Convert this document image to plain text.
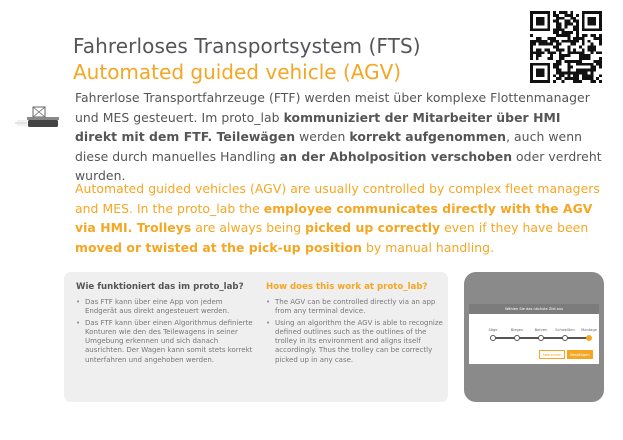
Fahrerloses Transportsystem (FTS)
Automated guided vehicle (AGV)

Fahrerlose Transportfahrzeuge (FTF) werden meist über komplexe Flottenmanager und MES gesteuert. Im proto_lab kommuniziert der Mitarbeiter über HMI direkt mit dem FTF. Teilewägen werden korrekt aufgenommen, auch wenn diese durch manuelles Handling an der Abholposition verschoben oder verdreht wurden.

Automated guided vehicles (AGV) are usually controlled by complex fleet managers and MES. In the proto_lab the employee communicates directly with the AGV via HMI. Trolleys are always being picked up correctly even if they have been moved or twisted at the pick-up position by manual handling.

Wie funktioniert das im proto_lab?
• Das FTF kann über eine App von jedem Endgerät aus direkt angesteuert werden.
• Das FTF kann über einen Algorithmus definierte Konturen wie den des Teilewagens in seiner Umgebung erkennen und sich danach ausrichten. Der Wagen kann somit stets korrekt unterfahren und angehoben werden.
How does this work at proto_lab?
• The AGV can be controlled directly via an app from any terminal device.
• Using an algorithm the AGV is able to recognize defined outlines such as the outlines of the trolley in its environment and aligns itself accordingly. Thus the trolley can be correctly picked up in any case.
Wählen Sie das nächste Ziel aus
Säge	Biegen	Bohren Schweißen Montage
Abbrechen	Bestätigen
